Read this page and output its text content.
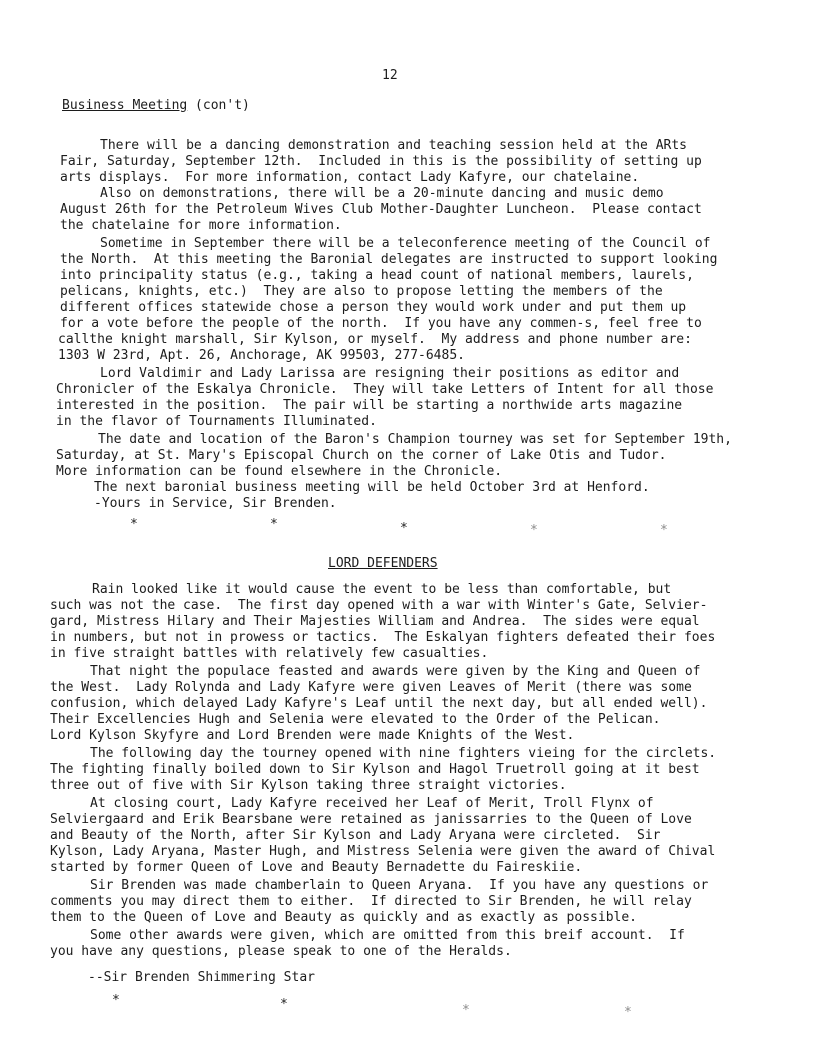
12
Business Meeting (con't)
There will be a dancing demonstration and teaching session held at the ARts
Fair, Saturday, September 12th.  Included in this is the possibility of setting up
arts displays.  For more information, contact Lady Kafyre, our chatelaine.
Also on demonstrations, there will be a 20-minute dancing and music demo
August 26th for the Petroleum Wives Club Mother-Daughter Luncheon.  Please contact
the chatelaine for more information.
Sometime in September there will be a teleconference meeting of the Council of
the North.  At this meeting the Baronial delegates are instructed to support looking
into principality status (e.g., taking a head count of national members, laurels,
pelicans, knights, etc.)  They are also to propose letting the members of the
different offices statewide chose a person they would work under and put them up
for a vote before the people of the north.  If you have any commen-s, feel free to
callthe knight marshall, Sir Kylson, or myself.  My address and phone number are:
1303 W 23rd, Apt. 26, Anchorage, AK 99503, 277-6485.
Lord Valdimir and Lady Larissa are resigning their positions as editor and
Chronicler of the Eskalya Chronicle.  They will take Letters of Intent for all those
interested in the position.  The pair will be starting a northwide arts magazine
in the flavor of Tournaments Illuminated.
The date and location of the Baron's Champion tourney was set for September 19th,
Saturday, at St. Mary's Episcopal Church on the corner of Lake Otis and Tudor.
More information can be found elsewhere in the Chronicle.
The next baronial business meeting will be held October 3rd at Henford.
-Yours in Service, Sir Brenden.
*	*	*	*	*
LORD DEFENDERS
Rain looked like it would cause the event to be less than comfortable, but
such was not the case.  The first day opened with a war with Winter's Gate, Selvier-
gard, Mistress Hilary and Their Majesties William and Andrea.  The sides were equal
in numbers, but not in prowess or tactics.  The Eskalyan fighters defeated their foes
in five straight battles with relatively few casualties.
That night the populace feasted and awards were given by the King and Queen of
the West.  Lady Rolynda and Lady Kafyre were given Leaves of Merit (there was some
confusion, which delayed Lady Kafyre's Leaf until the next day, but all ended well).
Their Excellencies Hugh and Selenia were elevated to the Order of the Pelican.
Lord Kylson Skyfyre and Lord Brenden were made Knights of the West.
The following day the tourney opened with nine fighters vieing for the circlets.
The fighting finally boiled down to Sir Kylson and Hagol Truetroll going at it best
three out of five with Sir Kylson taking three straight victories.
At closing court, Lady Kafyre received her Leaf of Merit, Troll Flynx of
Selviergaard and Erik Bearsbane were retained as janissarries to the Queen of Love
and Beauty of the North, after Sir Kylson and Lady Aryana were circleted.  Sir
Kylson, Lady Aryana, Master Hugh, and Mistress Selenia were given the award of Chival
started by former Queen of Love and Beauty Bernadette du Faireskiie.
Sir Brenden was made chamberlain to Queen Aryana.  If you have any questions or
comments you may direct them to either.  If directed to Sir Brenden, he will relay
them to the Queen of Love and Beauty as quickly and as exactly as possible.
Some other awards were given, which are omitted from this breif account.  If
you have any questions, please speak to one of the Heralds.
--Sir Brenden Shimmering Star
*	*	*	*
